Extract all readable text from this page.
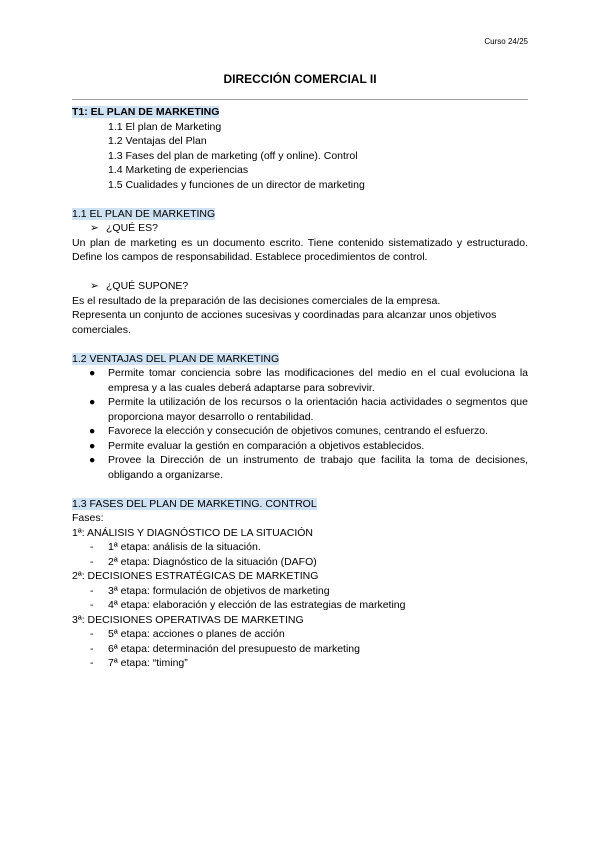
Curso 24/25
DIRECCIÓN COMERCIAL II
T1: EL PLAN DE MARKETING
1.1 El plan de Marketing
1.2 Ventajas del Plan
1.3 Fases del plan de marketing (off y online). Control
1.4 Marketing de experiencias
1.5 Cualidades y funciones de un director de marketing
1.1 EL PLAN DE MARKETING
➢ ¿QUÉ ES?

Un plan de marketing es un documento escrito. Tiene contenido sistematizado y estructurado. Define los campos de responsabilidad. Establece procedimientos de control.

➢ ¿QUÉ SUPONE?

Es el resultado de la preparación de las decisiones comerciales de la empresa.

Representa un conjunto de acciones sucesivas y coordinadas para alcanzar unos objetivos comerciales.

1.2 VENTAJAS DEL PLAN DE MARKETING
● Permite tomar conciencia sobre las modificaciones del medio en el cual evoluciona la empresa y a las cuales deberá adaptarse para sobrevivir.
● Permite la utilización de los recursos o la orientación hacia actividades o segmentos que proporciona mayor desarrollo o rentabilidad.
● Favorece la elección y consecución de objetivos comunes, centrando el esfuerzo.
● Permite evaluar la gestión en comparación a objetivos establecidos.
● Provee la Dirección de un instrumento de trabajo que facilita la toma de decisiones, obligando a organizarse.
1.3 FASES DEL PLAN DE MARKETING. CONTROL

Fases:

1ª: ANÁLISIS Y DIAGNÓSTICO DE LA SITUACIÓN

- 1ª etapa: análisis de la situación.
- 2ª etapa: Diagnóstico de la situación (DAFO)

2ª: DECISIONES ESTRATÉGICAS DE MARKETING

- 3ª etapa: formulación de objetivos de marketing
- 4ª etapa: elaboración y elección de las estrategias de marketing

3ª: DECISIONES OPERATIVAS DE MARKETING

- 5ª etapa: acciones o planes de acción
- 6ª etapa: determinación del presupuesto de marketing
- 7ª etapa: “timing”
